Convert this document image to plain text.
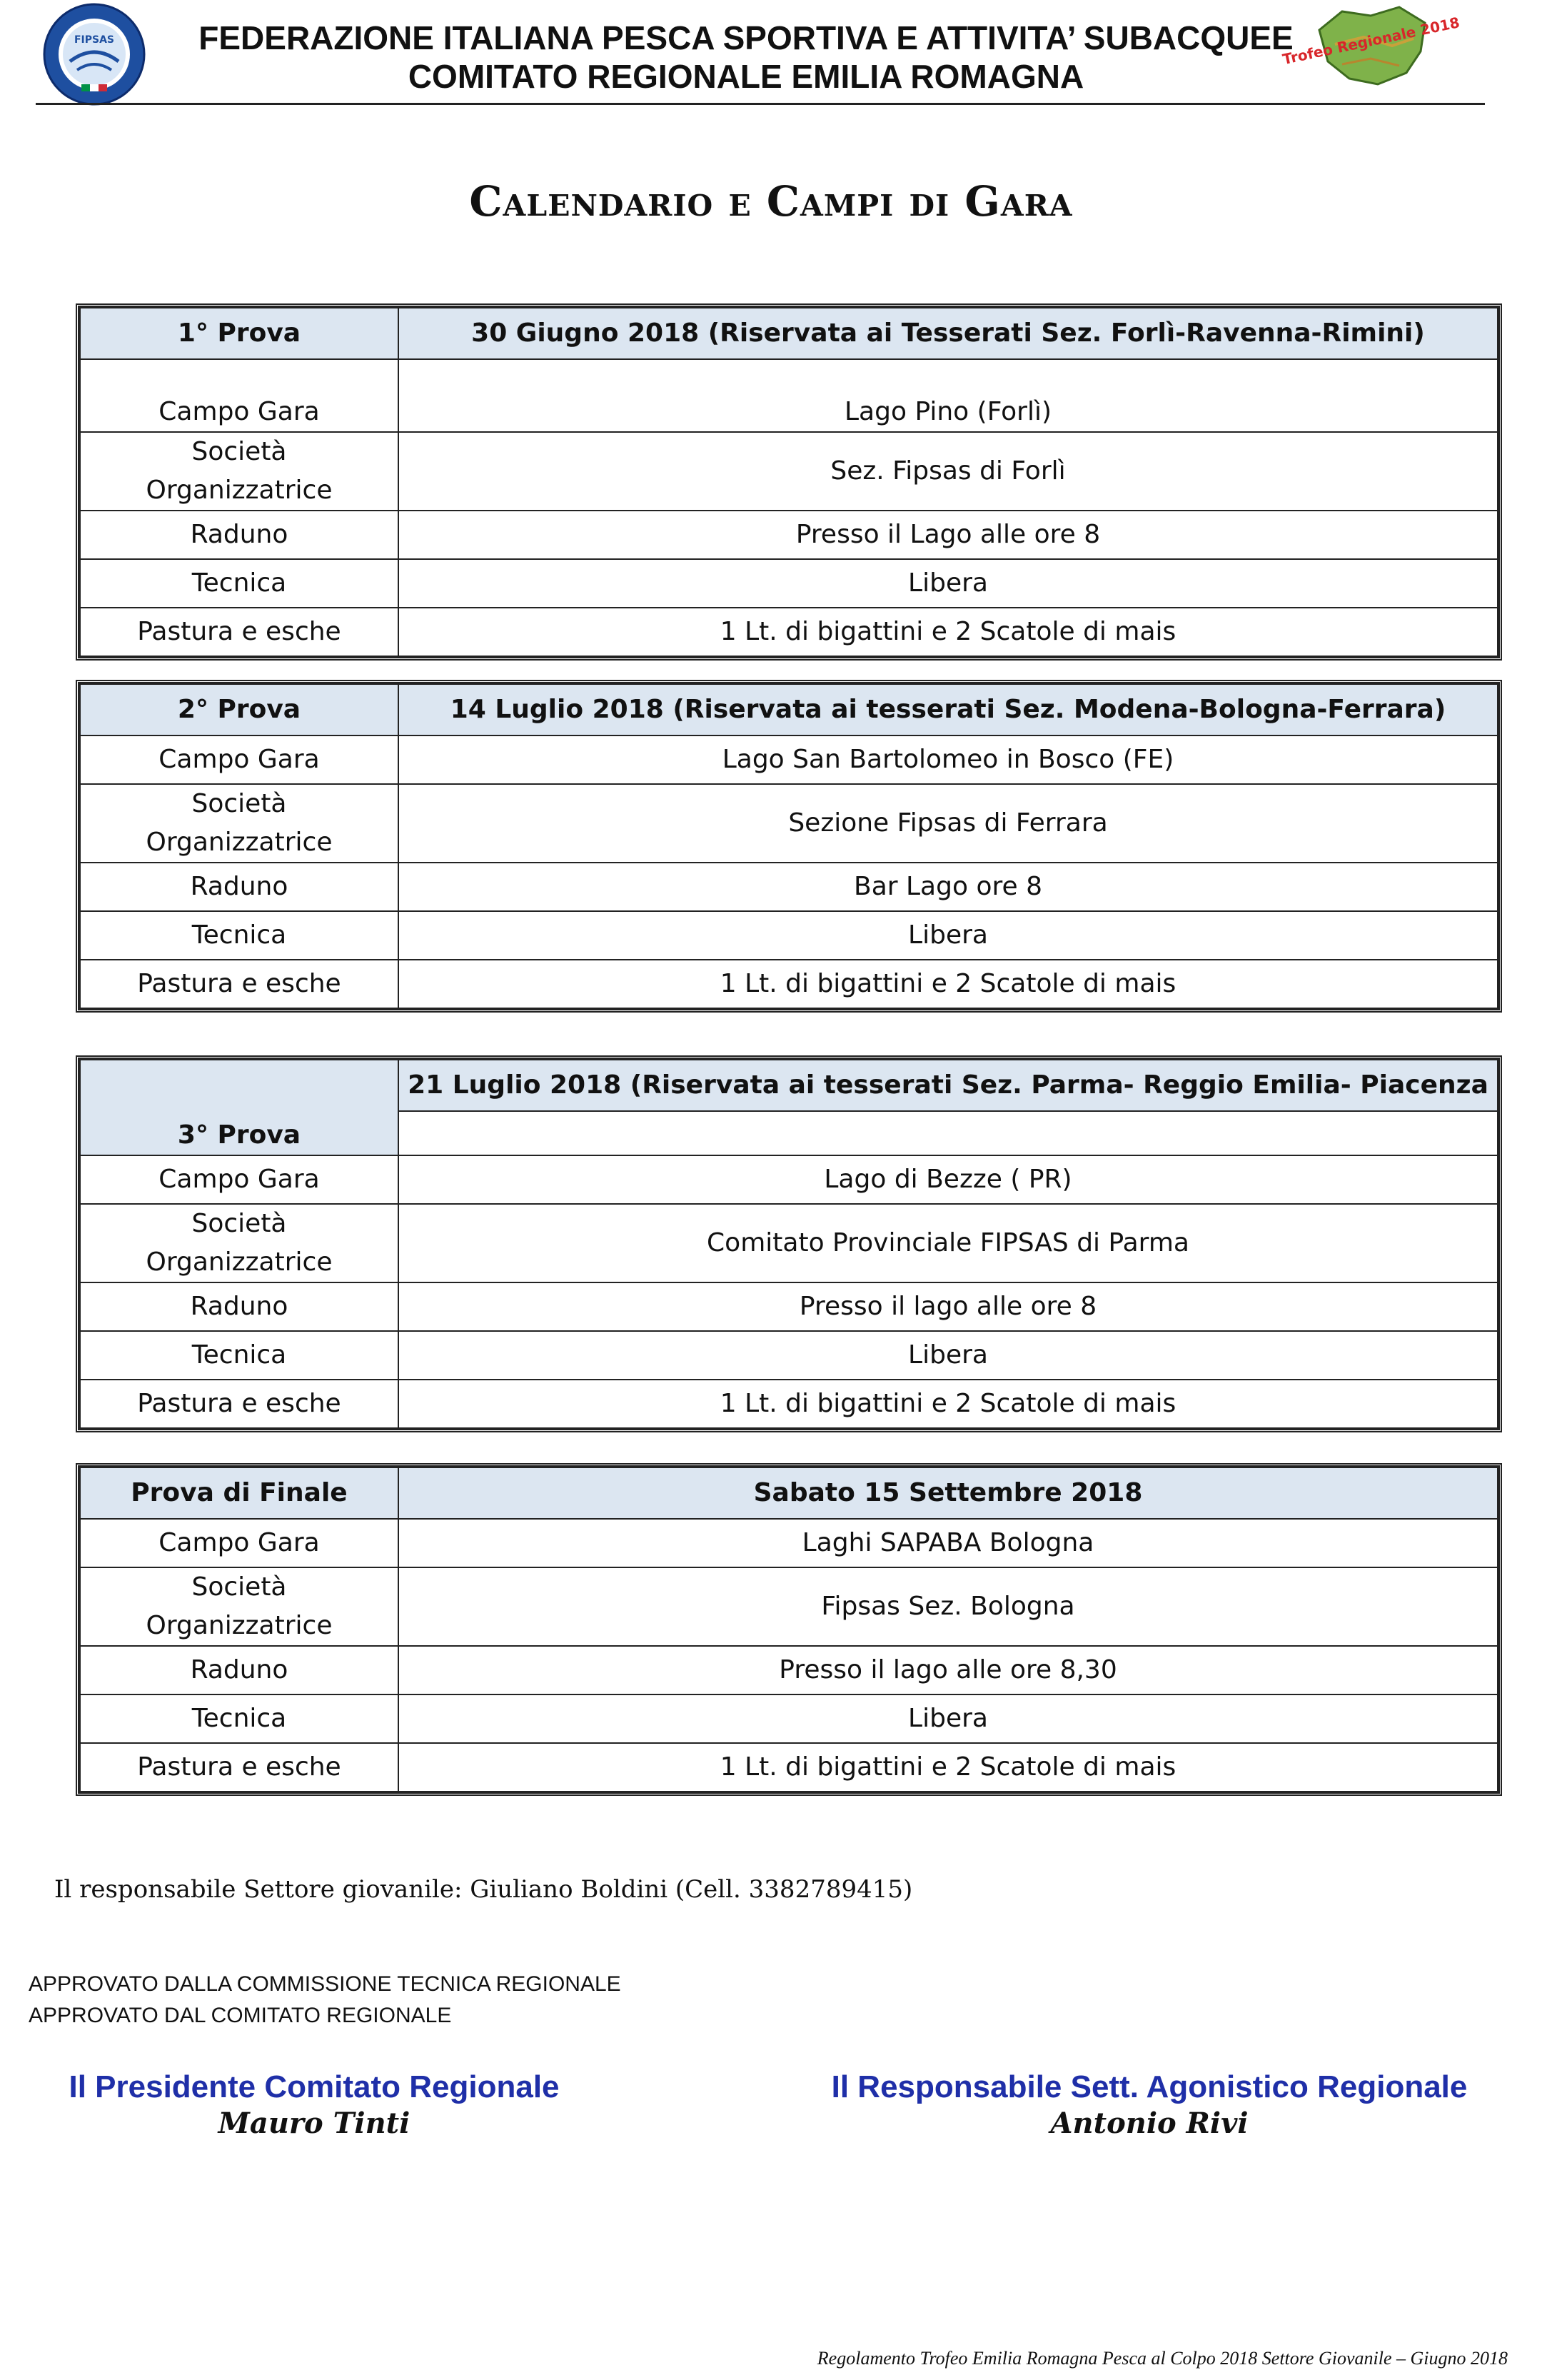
FIPSAS	FEDERAZIONE ITALIANA PESCA SPORTIVA E ATTIVITA’ SUBACQUEE
COMITATO REGIONALE EMILIA ROMAGNA
Trofeo Regionale 2018
Calendario e Campi di Gara
1° Prova	30 Giugno 2018 (Riservata ai Tesserati Sez. Forlì-Ravenna-Rimini)
Campo Gara	Lago Pino (Forlì)

Società
Organizzatrice	Sez. Fipsas di Forlì
Raduno	Presso il Lago alle ore 8
Tecnica	Libera
Pastura e esche	1 Lt. di bigattini e 2 Scatole di mais
2° Prova	14 Luglio 2018 (Riservata ai tesserati Sez. Modena-Bologna-Ferrara)
Campo Gara	Lago San Bartolomeo in Bosco (FE)

Società
Organizzatrice	Sezione Fipsas di Ferrara
Raduno	Bar Lago ore 8
Tecnica	Libera
Pastura e esche	1 Lt. di bigattini e 2 Scatole di mais
3° Prova	21 Luglio 2018 (Riservata ai tesserati Sez. Parma- Reggio Emilia- Piacenza

Campo Gara	Lago di Bezze ( PR)

Società
Organizzatrice	Comitato Provinciale FIPSAS di Parma
Raduno	Presso il lago alle ore 8
Tecnica	Libera
Pastura e esche	1 Lt. di bigattini e 2 Scatole di mais
Prova di Finale	Sabato 15 Settembre 2018
Campo Gara	Laghi SAPABA Bologna

Società
Organizzatrice	Fipsas Sez. Bologna
Raduno	Presso il lago alle ore 8,30
Tecnica	Libera
Pastura e esche	1 Lt. di bigattini e 2 Scatole di mais
Il responsabile Settore giovanile: Giuliano Boldini (Cell. 3382789415)
APPROVATO DALLA COMMISSIONE TECNICA REGIONALE
APPROVATO DAL COMITATO REGIONALE
Il Presidente Comitato Regionale
Mauro Tinti
Il Responsabile Sett. Agonistico Regionale
Antonio Rivi
Regolamento Trofeo Emilia Romagna Pesca al Colpo 2018 Settore Giovanile – Giugno 2018
